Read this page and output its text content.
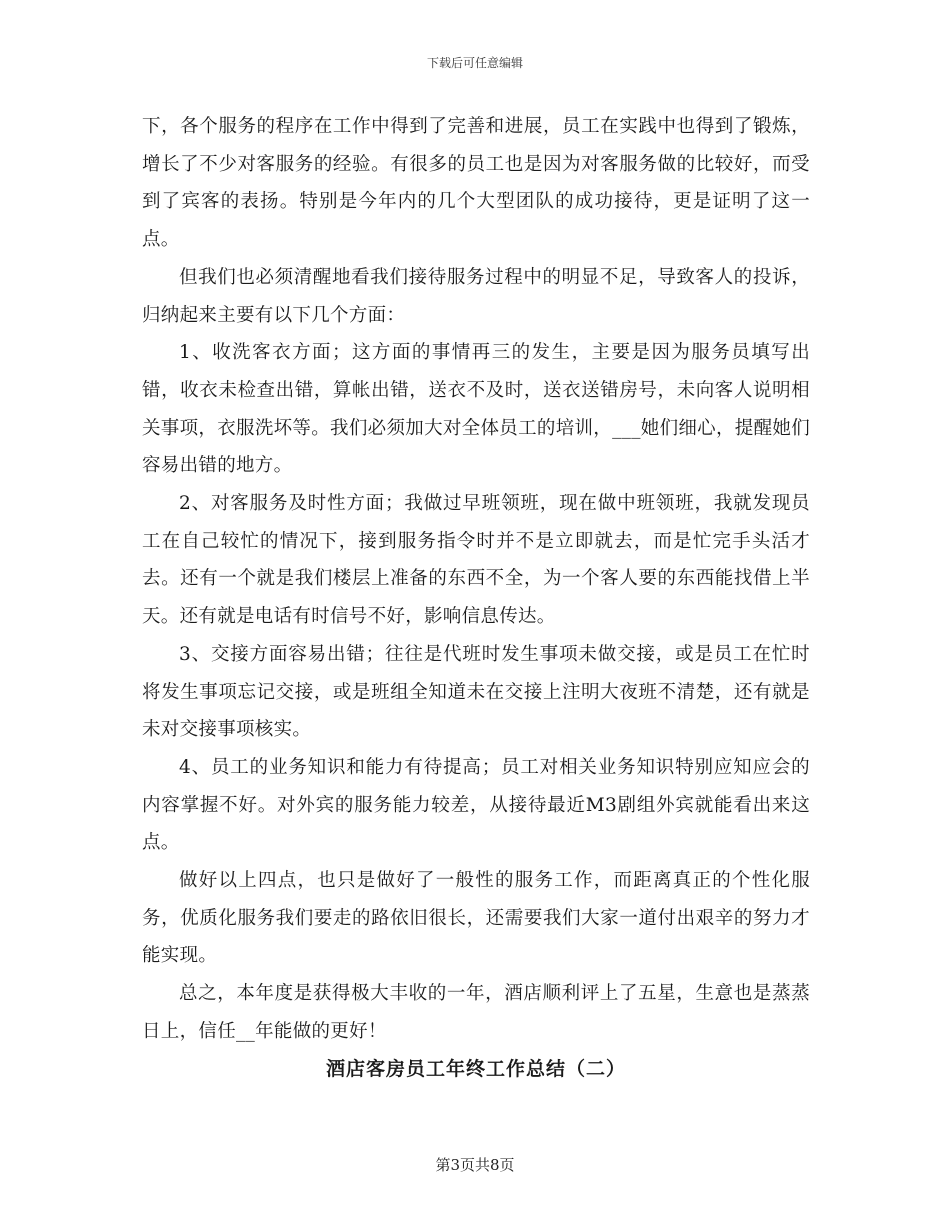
下载后可任意编辑

下，各个服务的程序在工作中得到了完善和进展，员工在实践中也得到了锻炼，增长了不少对客服务的经验。有很多的员工也是因为对客服务做的比较好，而受到了宾客的表扬。特别是今年内的几个大型团队的成功接待，更是证明了这一点。

但我们也必须清醒地看我们接待服务过程中的明显不足，导致客人的投诉，归纳起来主要有以下几个方面：

1、收洗客衣方面；这方面的事情再三的发生，主要是因为服务员填写出错，收衣未检查出错，算帐出错，送衣不及时，送衣送错房号，未向客人说明相关事项，衣服洗坏等。我们必须加大对全体员工的培训，___她们细心，提醒她们容易出错的地方。

2、对客服务及时性方面；我做过早班领班，现在做中班领班，我就发现员工在自己较忙的情况下，接到服务指令时并不是立即就去，而是忙完手头活才去。还有一个就是我们楼层上准备的东西不全，为一个客人要的东西能找借上半天。还有就是电话有时信号不好，影响信息传达。

3、交接方面容易出错；往往是代班时发生事项未做交接，或是员工在忙时将发生事项忘记交接，或是班组全知道未在交接上注明大夜班不清楚，还有就是未对交接事项核实。

4、员工的业务知识和能力有待提高；员工对相关业务知识特别应知应会的内容掌握不好。对外宾的服务能力较差，从接待最近M3剧组外宾就能看出来这点。

做好以上四点，也只是做好了一般性的服务工作，而距离真正的个性化服务，优质化服务我们要走的路依旧很长，还需要我们大家一道付出艰辛的努力才能实现。

总之，本年度是获得极大丰收的一年，酒店顺利评上了五星，生意也是蒸蒸日上，信任__年能做的更好！

酒店客房员工年终工作总结（二）

第3页共8页
